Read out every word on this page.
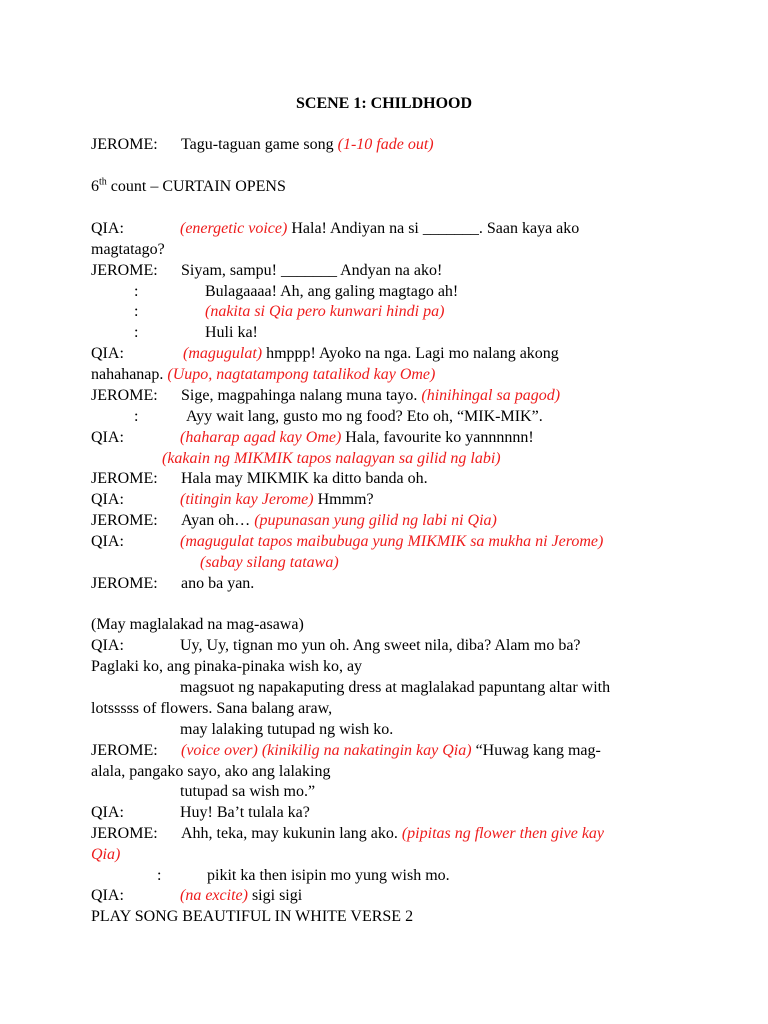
SCENE 1: CHILDHOOD
JEROME: Tagu-taguan game song (1-10 fade out)
6th count – CURTAIN OPENS
QIA:	(energetic voice) Hala! Andiyan na si _______. Saan kaya ako
magtatago?
JEROME: Siyam, sampu! _______ Andyan na ako!
:	Bulagaaaa! Ah, ang galing magtago ah!
:	(nakita si Qia pero kunwari hindi pa)
:	Huli ka!
QIA:	(magugulat) hmppp! Ayoko na nga. Lagi mo nalang akong
nahahanap. (Uupo, nagtatampong tatalikod kay Ome)
JEROME: Sige, magpahinga nalang muna tayo. (hinihingal sa pagod)
:	Ayy wait lang, gusto mo ng food? Eto oh, “MIK-MIK”.
QIA:	(haharap agad kay Ome) Hala, favourite ko yannnnnn!
(kakain ng MIKMIK tapos nalagyan sa gilid ng labi)
JEROME: Hala may MIKMIK ka ditto banda oh.
QIA:	(titingin kay Jerome) Hmmm?
JEROME: Ayan oh… (pupunasan yung gilid ng labi ni Qia)
QIA:	(magugulat tapos maibubuga yung MIKMIK sa mukha ni Jerome)
(sabay silang tatawa)
JEROME: ano ba yan.
(May maglalakad na mag-asawa)
QIA:	Uy, Uy, tignan mo yun oh. Ang sweet nila, diba? Alam mo ba?
Paglaki ko, ang pinaka-pinaka wish ko, ay
magsuot ng napakaputing dress at maglalakad papuntang altar with
lotsssss of flowers. Sana balang araw,
may lalaking tutupad ng wish ko.
JEROME: (voice over) (kinikilig na nakatingin kay Qia) “Huwag kang mag-
alala, pangako sayo, ako ang lalaking
tutupad sa wish mo.”
QIA:	Huy! Ba’t tulala ka?
JEROME: Ahh, teka, may kukunin lang ako. (pipitas ng flower then give kay
Qia)
:	pikit ka then isipin mo yung wish mo.
QIA:	(na excite) sigi sigi
PLAY SONG BEAUTIFUL IN WHITE VERSE 2
